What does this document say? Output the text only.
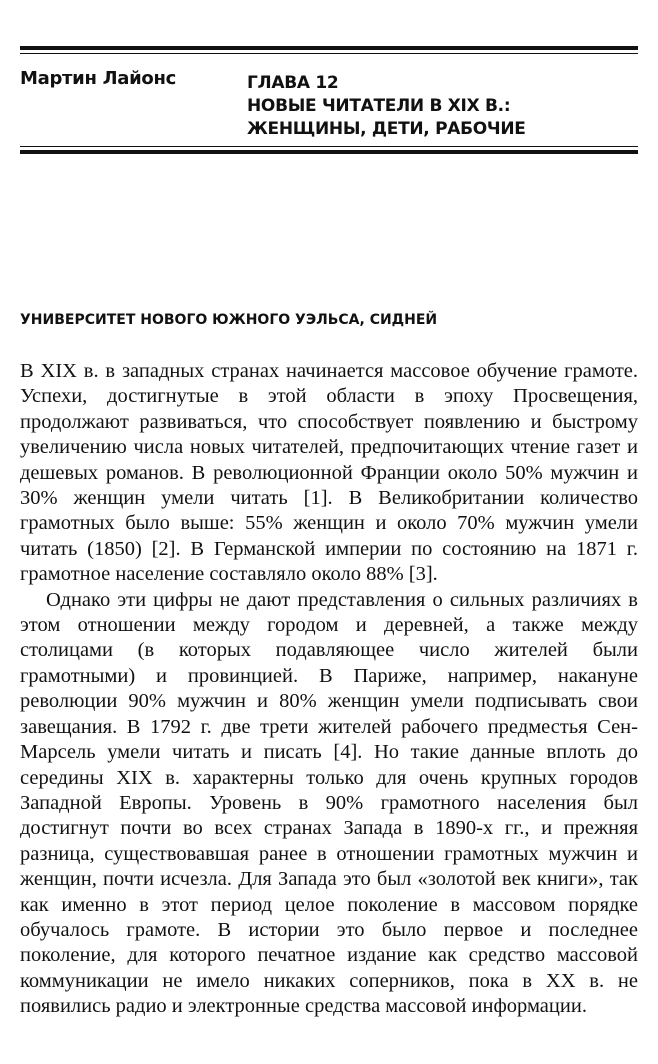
Мартин Лайонс	ГЛАВА 12
НОВЫЕ ЧИТАТЕЛИ В XIX В.:
ЖЕНЩИНЫ, ДЕТИ, РАБОЧИЕ
УНИВЕРСИТЕТ НОВОГО ЮЖНОГО УЭЛЬСА, СИДНЕЙ

В XIX в. в западных странах начинается массовое обучение грамоте. Успехи, достигнутые в этой области в эпоху Просвещения, продолжают развиваться, что способствует появлению и быстрому увеличению числа новых читателей, предпочитающих чтение газет и дешевых романов. В революционной Франции около 50% мужчин и 30% женщин умели читать [1]. В Великобритании количество грамотных было выше: 55% женщин и около 70% мужчин умели читать (1850) [2]. В Германской империи по состоянию на 1871 г. грамотное население составляло около 88% [3].

Однако эти цифры не дают представления о сильных различиях в этом отношении между городом и деревней, а также между столицами (в которых подавляющее число жителей были грамотными) и провинцией. В Париже, например, накануне революции 90% мужчин и 80% женщин умели подписывать свои завещания. В 1792 г. две трети жителей рабочего предместья Сен-Марсель умели читать и писать [4]. Но такие данные вплоть до середины XIX в. характерны только для очень крупных городов Западной Европы. Уровень в 90% грамотного населения был достигнут почти во всех странах Запада в 1890-х гг., и прежняя разница, существовавшая ранее в отношении грамотных мужчин и женщин, почти исчезла. Для Запада это был «золотой век книги», так как именно в этот период целое поколение в массовом порядке обучалось грамоте. В истории это было первое и последнее поколение, для которого печатное издание как средство массовой коммуникации не имело никаких соперников, пока в XX в. не появились радио и электронные средства массовой информации.
